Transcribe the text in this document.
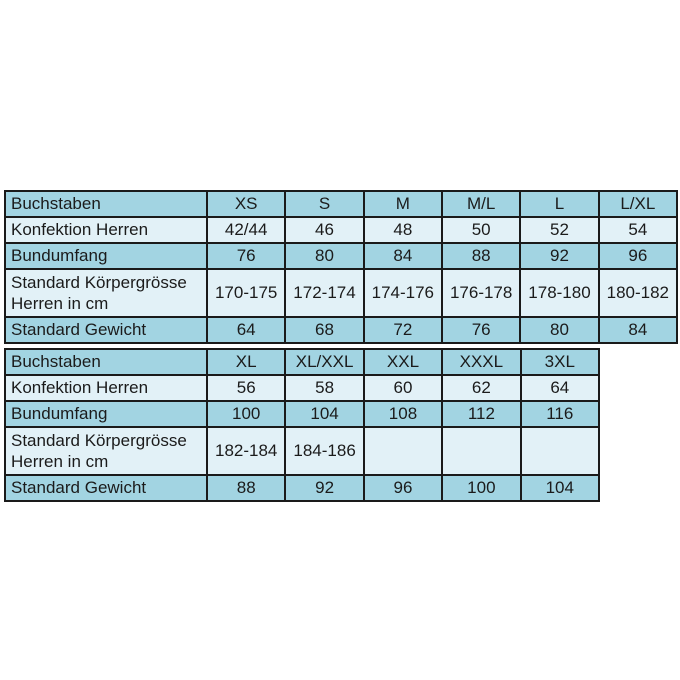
Buchstaben	XS	S	M	M/L	L	L/XL
Konfektion Herren	42/44	46	48	50	52	54
Bundumfang	76	80	84	88	92	96
Standard Körpergrösse Herren in cm	170-175	172-174	174-176	176-178	178-180	180-182
Standard Gewicht	64	68	72	76	80	84
Buchstaben	XL	XL/XXL	XXL	XXXL	3XL
Konfektion Herren	56	58	60	62	64
Bundumfang	100	104	108	112	116
Standard Körpergrösse Herren in cm	182-184	184-186			
Standard Gewicht	88	92	96	100	104
